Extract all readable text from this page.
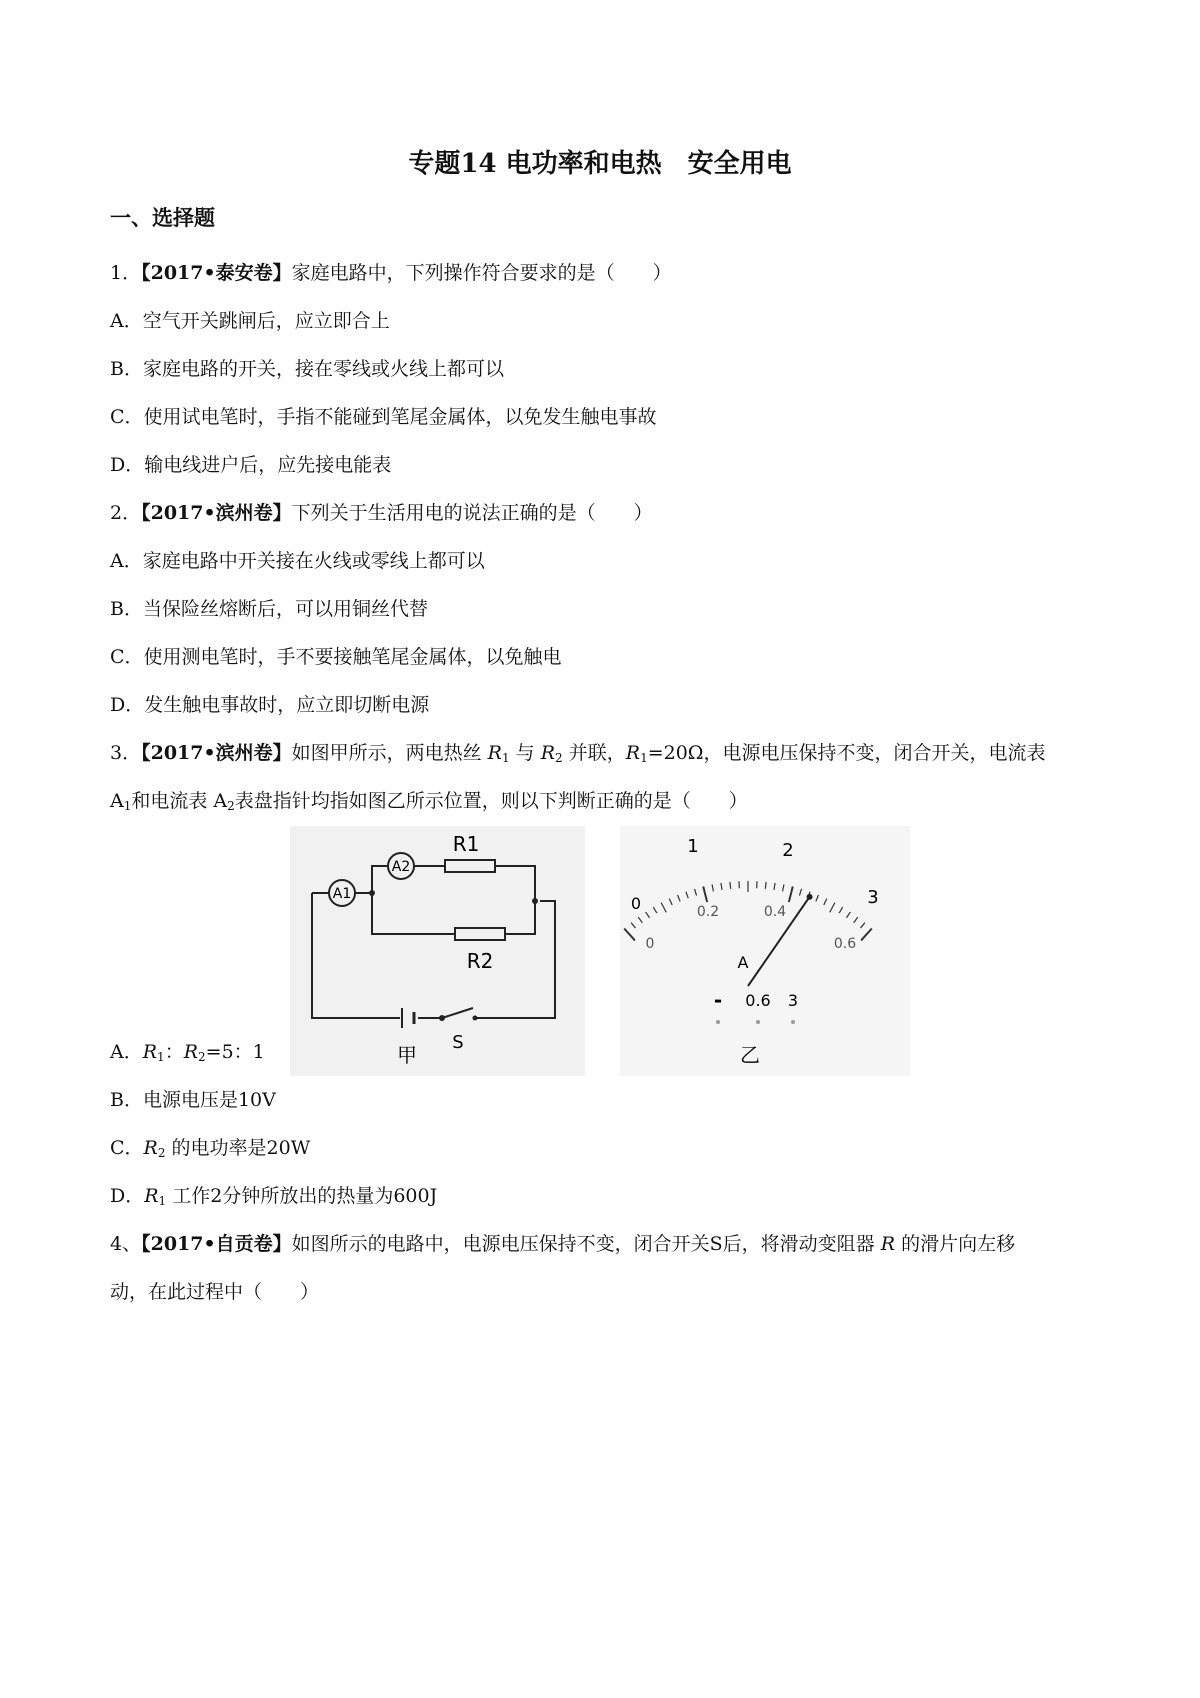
专题14 电功率和电热　安全用电
一、选择题
1．【2017•泰安卷】家庭电路中，下列操作符合要求的是（　　）
A．空气开关跳闸后，应立即合上
B．家庭电路的开关，接在零线或火线上都可以
C．使用试电笔时，手指不能碰到笔尾金属体，以免发生触电事故
D．输电线进户后，应先接电能表
2．【2017•滨州卷】下列关于生活用电的说法正确的是（　　）
A．家庭电路中开关接在火线或零线上都可以
B．当保险丝熔断后，可以用铜丝代替
C．使用测电笔时，手不要接触笔尾金属体，以免触电
D．发生触电事故时，应立即切断电源
3．【2017•滨州卷】如图甲所示，两电热丝 $R_1$ 与 $R_2$ 并联，$R_1=20\Omega$，电源电压保持不变，闭合开关，电流表
$A_1$和电流表 $A_2$表盘指针均指如图乙所示位置，则以下判断正确的是（　　）
A1
A2
R1
R2
S
甲
0
1	2
3
0
0.2	0.4
0.6
A
- 0.6 3
乙
A．$R_1$：$R_2=5$：1
B．电源电压是10V
C．$R_2$ 的电功率是20W
D．$R_1$ 工作2分钟所放出的热量为600J
4、【2017•自贡卷】如图所示的电路中，电源电压保持不变，闭合开关S后，将滑动变阻器 R 的滑片向左移
动，在此过程中（　　）
